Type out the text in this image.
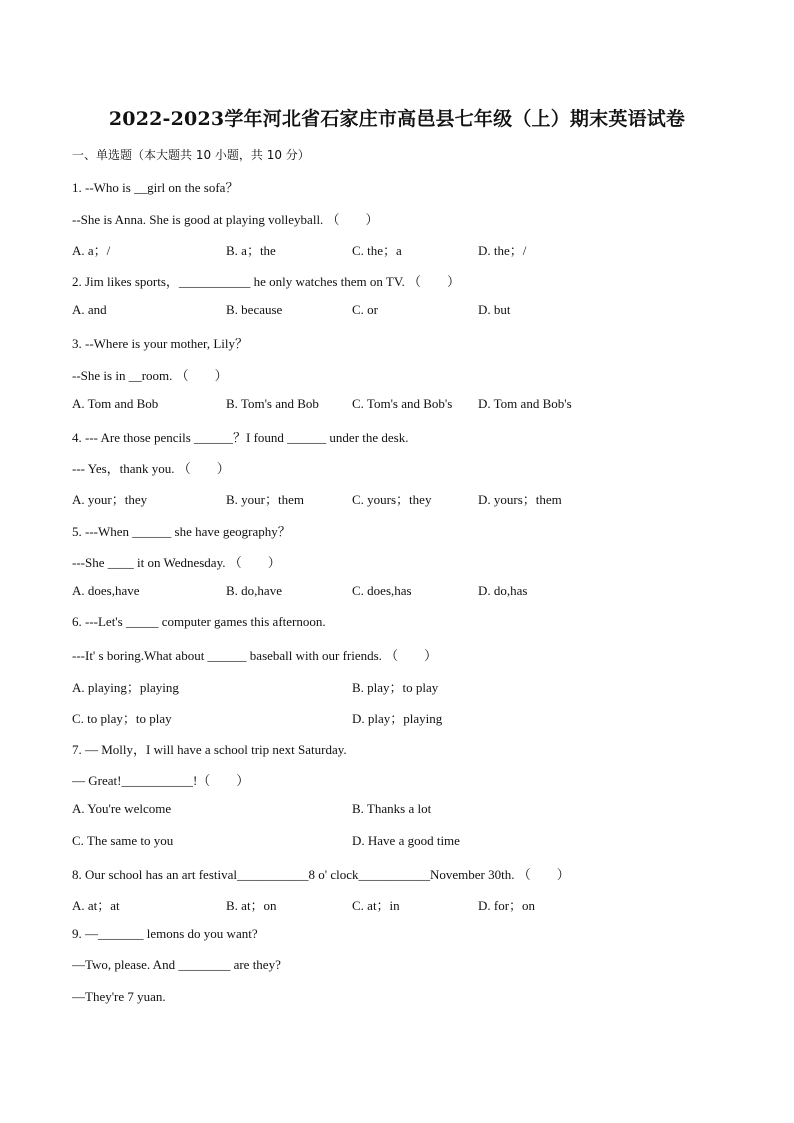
2022-2023学年河北省石家庄市高邑县七年级（上）期末英语试卷
一、单选题（本大题共 10 小题，共 10 分）
1. --Who is __girl on the sofa？
--She is Anna. She is good at playing volleyball. （　　）
A. a；/	B. a；the	C. the；a	D. the；/
2. Jim likes sports，___________ he only watches them on TV. （　　）
A. and	B. because	C. or	D. but
3. --Where is your mother, Lily？
--She is in __room. （　　）
A. Tom and Bob	B. Tom's and Bob	C. Tom's and Bob's D. Tom and Bob's
4. --- Are those pencils ______？I found ______ under the desk.
--- Yes，thank you. （　　）
A. your；they	B. your；them	C. yours；they	D. yours；them
5. ---When ______ she have geography？
---She ____ it on Wednesday. （　　）
A. does,have	B. do,have	C. does,has	D. do,has
6. ---Let's _____ computer games this afternoon.
---It' s boring.What about ______ baseball with our friends. （　　）
A. playing；playing	B. play；to play
C. to play；to play	D. play；playing
7. — Molly，I will have a school trip next Saturday.
— Great!___________!（　　）
A. You're welcome	B. Thanks a lot
C. The same to you	D. Have a good time
8. Our school has an art festival___________8 o' clock___________November 30th. （　　）
A. at；at	B. at；on	C. at；in	D. for；on
9. —_______ lemons do you want?
—Two, please. And ________ are they?
—They're 7 yuan.
